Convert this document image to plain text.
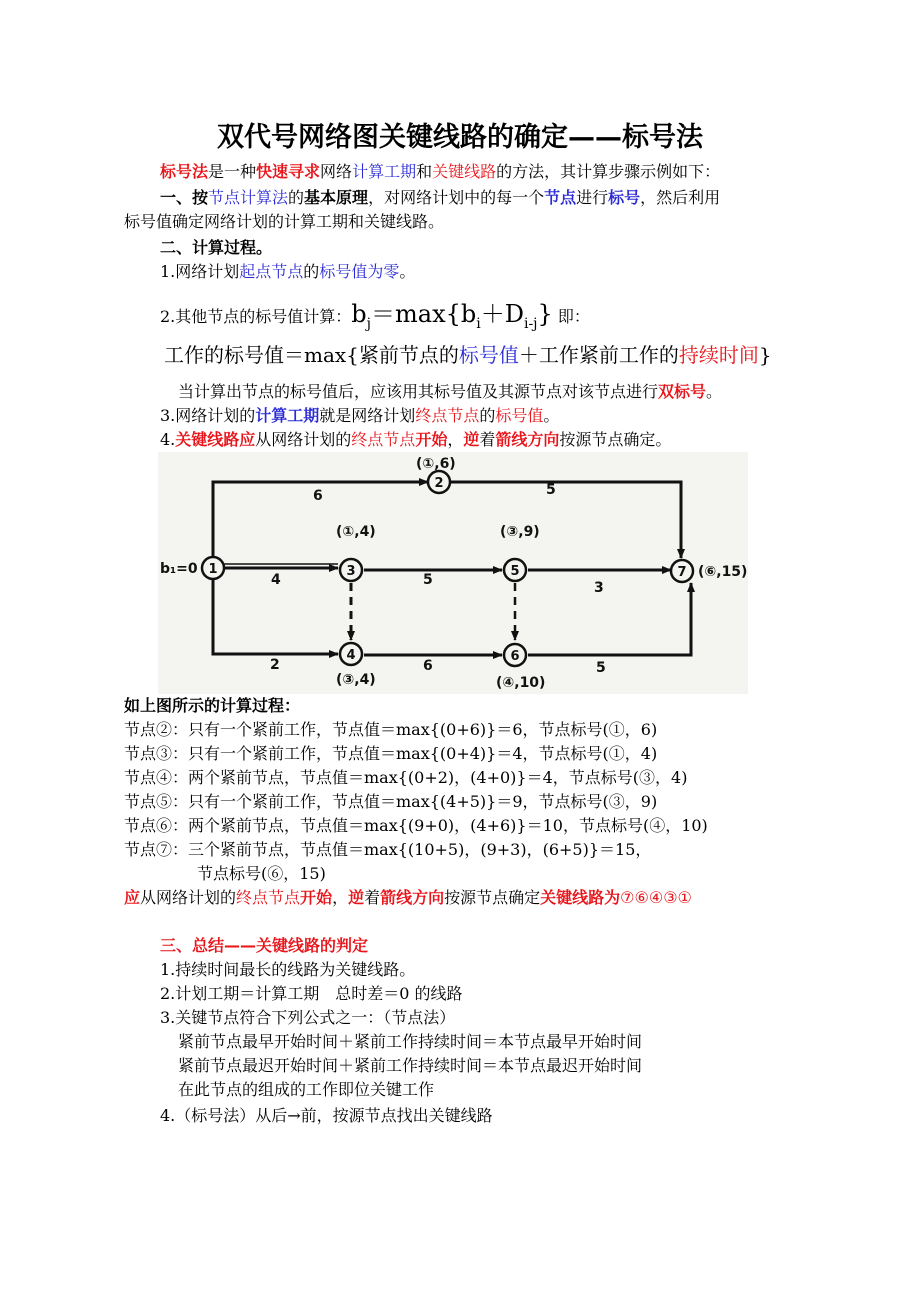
双代号网络图关键线路的确定——标号法
标号法是一种快速寻求网络计算工期和关键线路的方法，其计算步骤示例如下：
一、按节点计算法的基本原理，对网络计划中的每一个节点进行标号，然后利用
标号值确定网络计划的计算工期和关键线路。
二、计算过程。
1.网络计划起点节点的标号值为零。
2.其他节点的标号值计算：$b_j=\max\{b_i+D_{i-j}\}$ 即：
工作的标号值＝max{紧前节点的标号值＋工作紧前工作的持续时间}
当计算出节点的标号值后，应该用其标号值及其源节点对该节点进行双标号。
3.网络计划的计算工期就是网络计划终点节点的标号值。
4.关键线路应从网络计划的终点节点开始，逆着箭线方向按源节点确定。
1
2
3
4
5
6
7
b₁=0
(①,6)
(①,4)	(③,9)
(⑥,15)
(③,4)	(④,10)
6	5
4	5	3
2	6	5
如上图所示的计算过程：
节点②：只有一个紧前工作，节点值＝max{(0+6)}＝6，节点标号(①，6)
节点③：只有一个紧前工作，节点值＝max{(0+4)}＝4，节点标号(①，4)
节点④：两个紧前节点，节点值＝max{(0+2)，(4+0)}＝4，节点标号(③，4)
节点⑤：只有一个紧前工作，节点值＝max{(4+5)}＝9，节点标号(③，9)
节点⑥：两个紧前节点，节点值＝max{(9+0)，(4+6)}＝10，节点标号(④，10)
节点⑦：三个紧前节点，节点值＝max{(10+5)，(9+3)，(6+5)}＝15，
节点标号(⑥，15)
应从网络计划的终点节点开始，逆着箭线方向按源节点确定关键线路为⑦⑥④③①
三、总结——关键线路的判定
1.持续时间最长的线路为关键线路。
2.计划工期＝计算工期　总时差＝0 的线路
3.关键节点符合下列公式之一：（节点法）
紧前节点最早开始时间＋紧前工作持续时间＝本节点最早开始时间
紧前节点最迟开始时间＋紧前工作持续时间＝本节点最迟开始时间
在此节点的组成的工作即位关键工作
4.（标号法）从后→前，按源节点找出关键线路
